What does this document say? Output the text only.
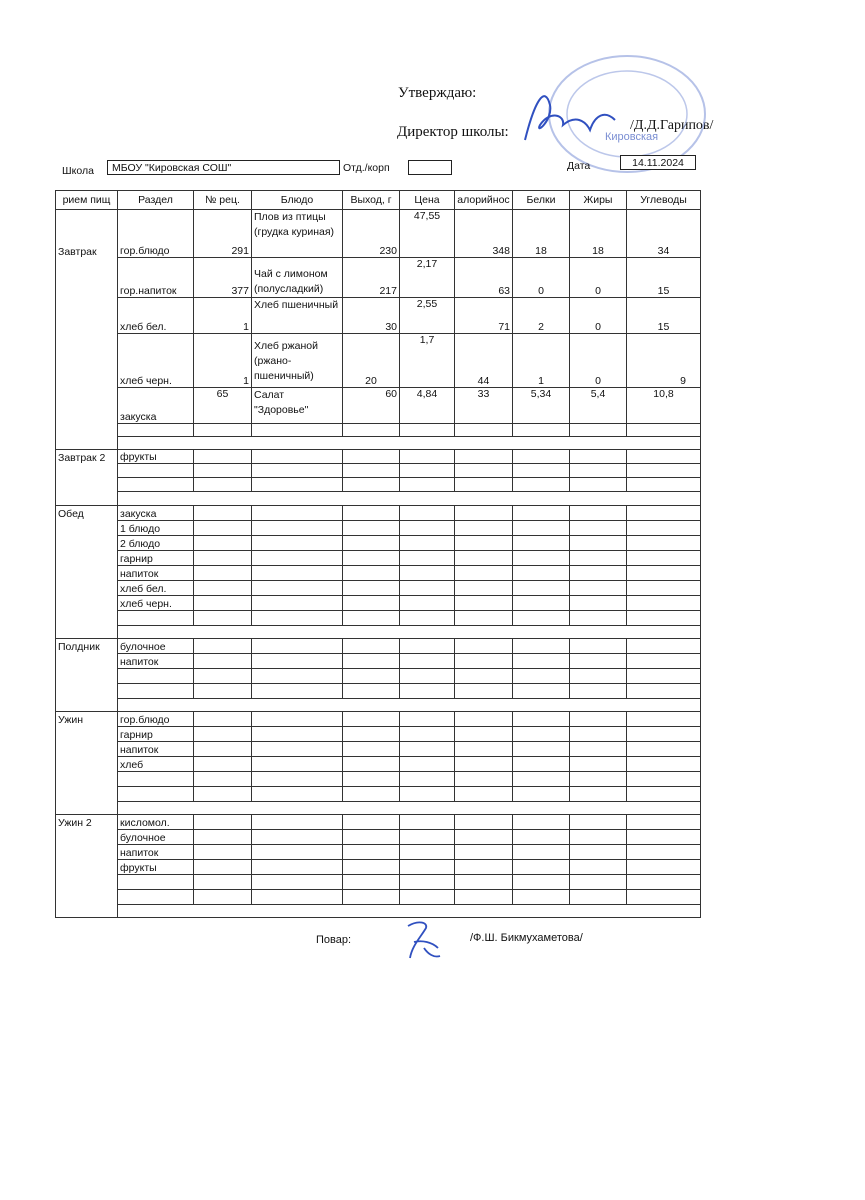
Утверждаю:
Директор школы:	/Д.Д.Гарипов/
Кировская
Школа	МБОУ "Кировская СОШ"	Отд./корп	Дата	14.11.2024
рием пищ	Раздел	№ рец.	Блюдо	Выход, г	Цена	алорийнос	Белки	Жиры	Углеводы
Завтрак	гор.блюдо	291	Плов из птицы (грудка куриная)	230	47,55	348	18	18	34
	гор.напиток	377	Чай с лимоном (полусладкий)	217	2,17	63	0	0	15
	хлеб бел.	1	Хлеб пшеничный	30	2,55	71	2	0	15
	хлеб черн.	1	Хлеб ржаной (ржано-пшеничный)	20	1,7	44	1	0	9
	закуска	65	Салат "Здоровье"	60	4,84	33	5,34	5,4	10,8

Завтрак 2	фрукты								

Обед	закуска								
	1 блюдо								
	2 блюдо								
	гарнир								
	напиток								
	хлеб бел.								
	хлеб черн.								

Полдник	булочное								
	напиток								

Ужин	гор.блюдо								
	гарнир								
	напиток								
	хлеб								

Ужин 2	кисломол.								
	булочное								
	напиток								
	фрукты								

Повар:	/Ф.Ш. Бикмухаметова/
